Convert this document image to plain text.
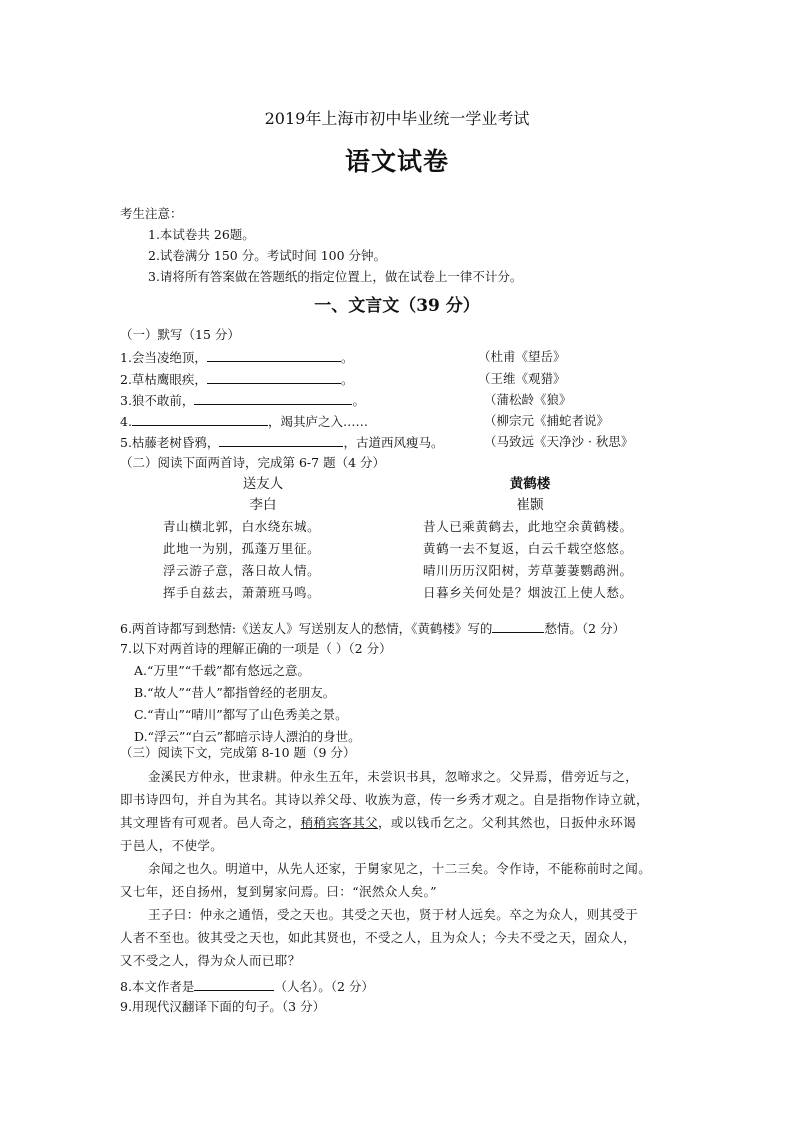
2019年上海市初中毕业统一学业考试
语文试卷
考生注意：
1.本试卷共 26题。
2.试卷满分 150 分。考试时间 100 分钟。
3.请将所有答案做在答题纸的指定位置上，做在试卷上一律不计分。
一、文言文（39 分）
（一）默写（15 分）
1.会当凌绝顶，	。	（杜甫《望岳》
2.草枯鹰眼疾，	。	（王维《观猎》
3.狼不敢前，	。	（蒲松龄《狼》
4.	，竭其庐之入……	（柳宗元《捕蛇者说》
5.枯藤老树昏鸦，	，古道西风瘦马。	（马致远《天净沙 · 秋思》
（二）阅读下面两首诗，完成第 6-7 题（4 分）
送友人
李白
青山横北郭，白水绕东城。
此地一为别，孤蓬万里征。
浮云游子意，落日故人情。
挥手自兹去，萧萧班马鸣。
黄鹤楼
崔颢
昔人已乘黄鹤去，此地空余黄鹤楼。
黄鹤一去不复返，白云千载空悠悠。
晴川历历汉阳树，芳草萋萋鹦鹉洲。
日暮乡关何处是？烟波江上使人愁。
6.两首诗都写到愁情:《送友人》写送别友人的愁情，《黄鹤楼》写的	愁情。（2 分）
7.以下对两首诗的理解正确的一项是（ ）（2 分）
A.“万里”“千载”都有悠远之意。
B.“故人”“昔人”都指曾经的老朋友。
C.“青山”“晴川”都写了山色秀美之景。
D.“浮云”“白云”都暗示诗人漂泊的身世。
（三）阅读下文，完成第 8-10 题（9 分）
金溪民方仲永，世隶耕。仲永生五年，未尝识书具，忽啼求之。父异焉，借旁近与之，
即书诗四句，并自为其名。其诗以养父母、收族为意，传一乡秀才观之。自是指物作诗立就，
其文理皆有可观者。邑人奇之，稍稍宾客其父，或以钱币乞之。父利其然也，日扳仲永环谒
于邑人，不使学。
余闻之也久。明道中，从先人还家，于舅家见之，十二三矣。令作诗，不能称前时之闻。
又七年，还自扬州，复到舅家问焉。曰：“泯然众人矣。”
王子曰：仲永之通悟，受之天也。其受之天也，贤于材人远矣。卒之为众人，则其受于
人者不至也。彼其受之天也，如此其贤也，不受之人，且为众人；今夫不受之天，固众人，
又不受之人，得为众人而已耶？
8.本文作者是	（人名）。（2 分）
9.用现代汉翻译下面的句子。（3 分）
